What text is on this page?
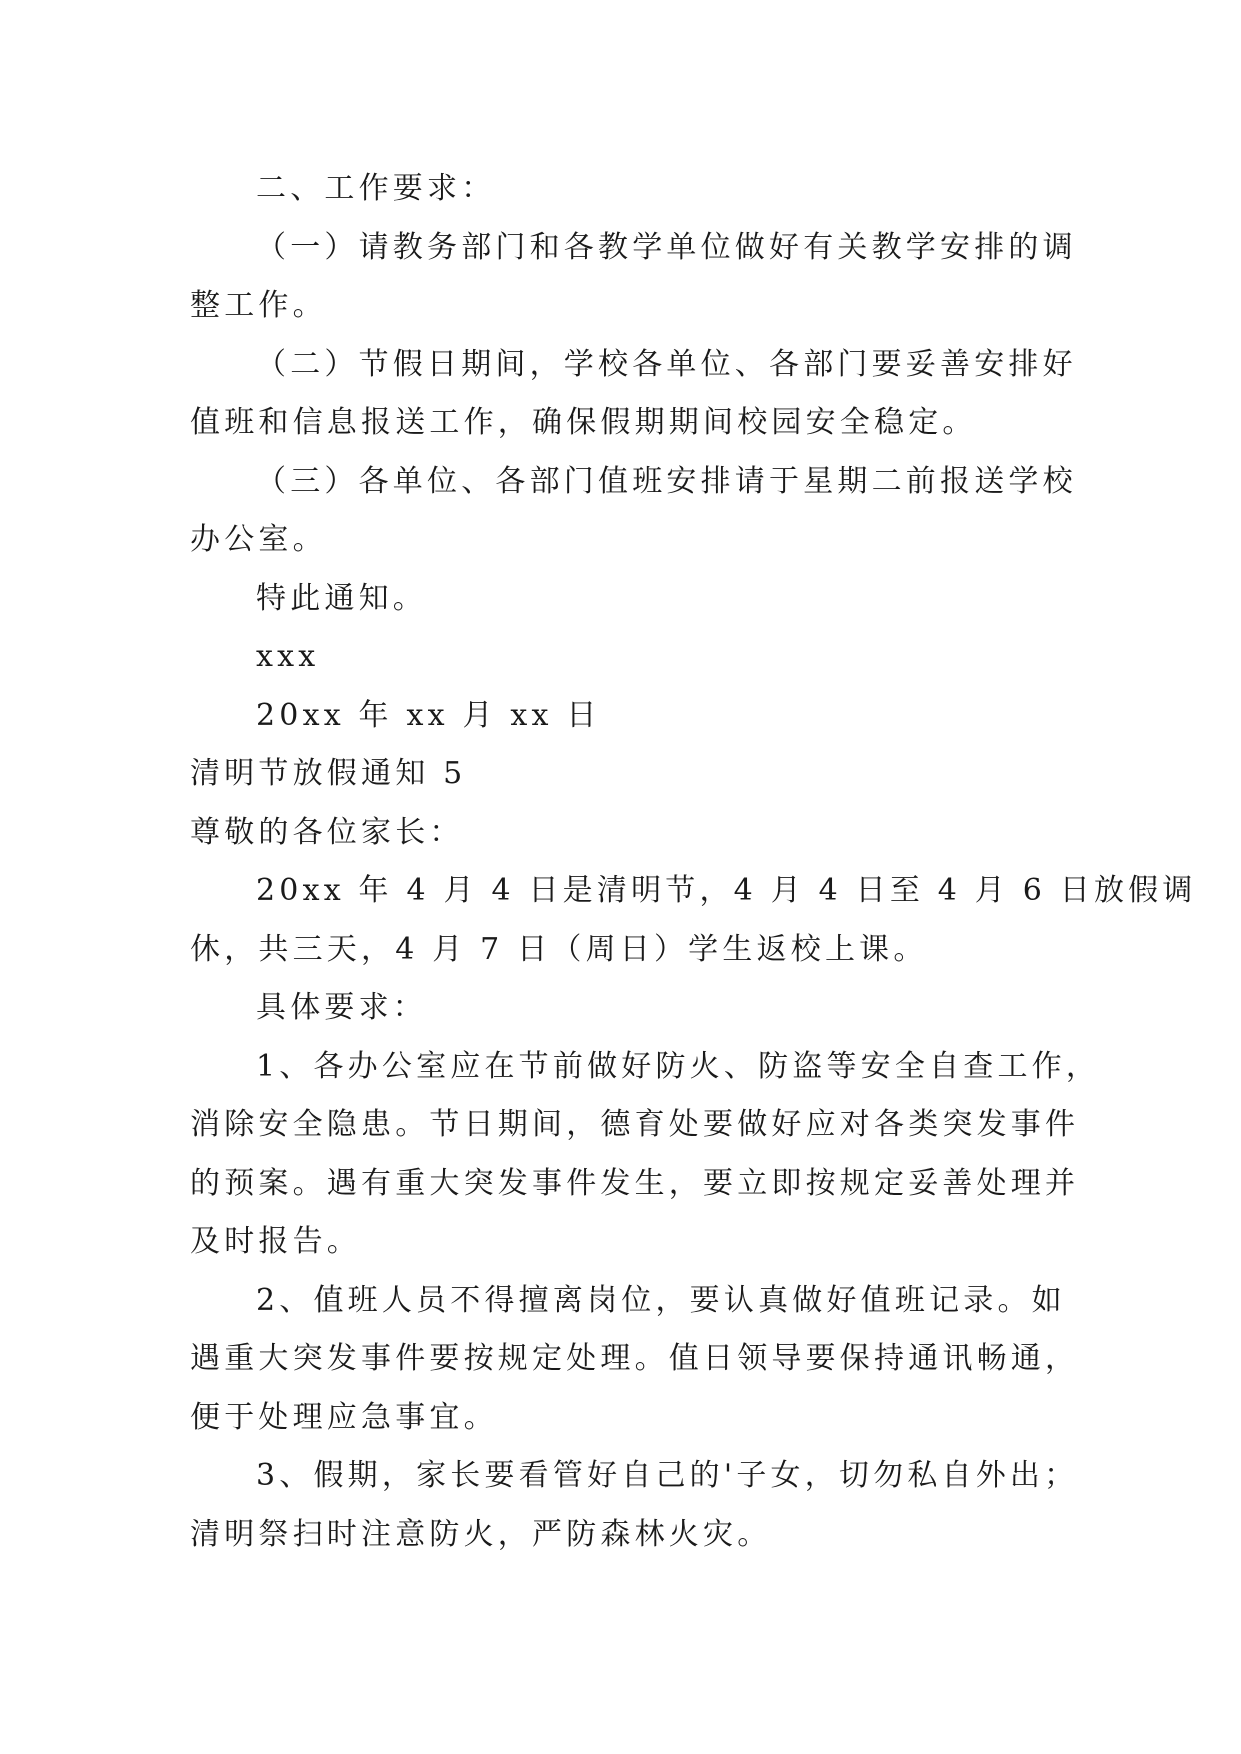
二、工作要求：
（一）请教务部门和各教学单位做好有关教学安排的调
整工作。
（二）节假日期间，学校各单位、各部门要妥善安排好
值班和信息报送工作，确保假期期间校园安全稳定。
（三）各单位、各部门值班安排请于星期二前报送学校
办公室。
特此通知。
xxx
20xx 年 xx 月 xx 日
清明节放假通知 5
尊敬的各位家长：
20xx 年 4 月 4 日是清明节，4 月 4 日至 4 月 6 日放假调
休，共三天，4 月 7 日（周日）学生返校上课。
具体要求：
1、各办公室应在节前做好防火、防盗等安全自查工作，
消除安全隐患。节日期间，德育处要做好应对各类突发事件
的预案。遇有重大突发事件发生，要立即按规定妥善处理并
及时报告。
2、值班人员不得擅离岗位，要认真做好值班记录。如
遇重大突发事件要按规定处理。值日领导要保持通讯畅通，
便于处理应急事宜。
3、假期，家长要看管好自己的'子女，切勿私自外出；
清明祭扫时注意防火，严防森林火灾。
